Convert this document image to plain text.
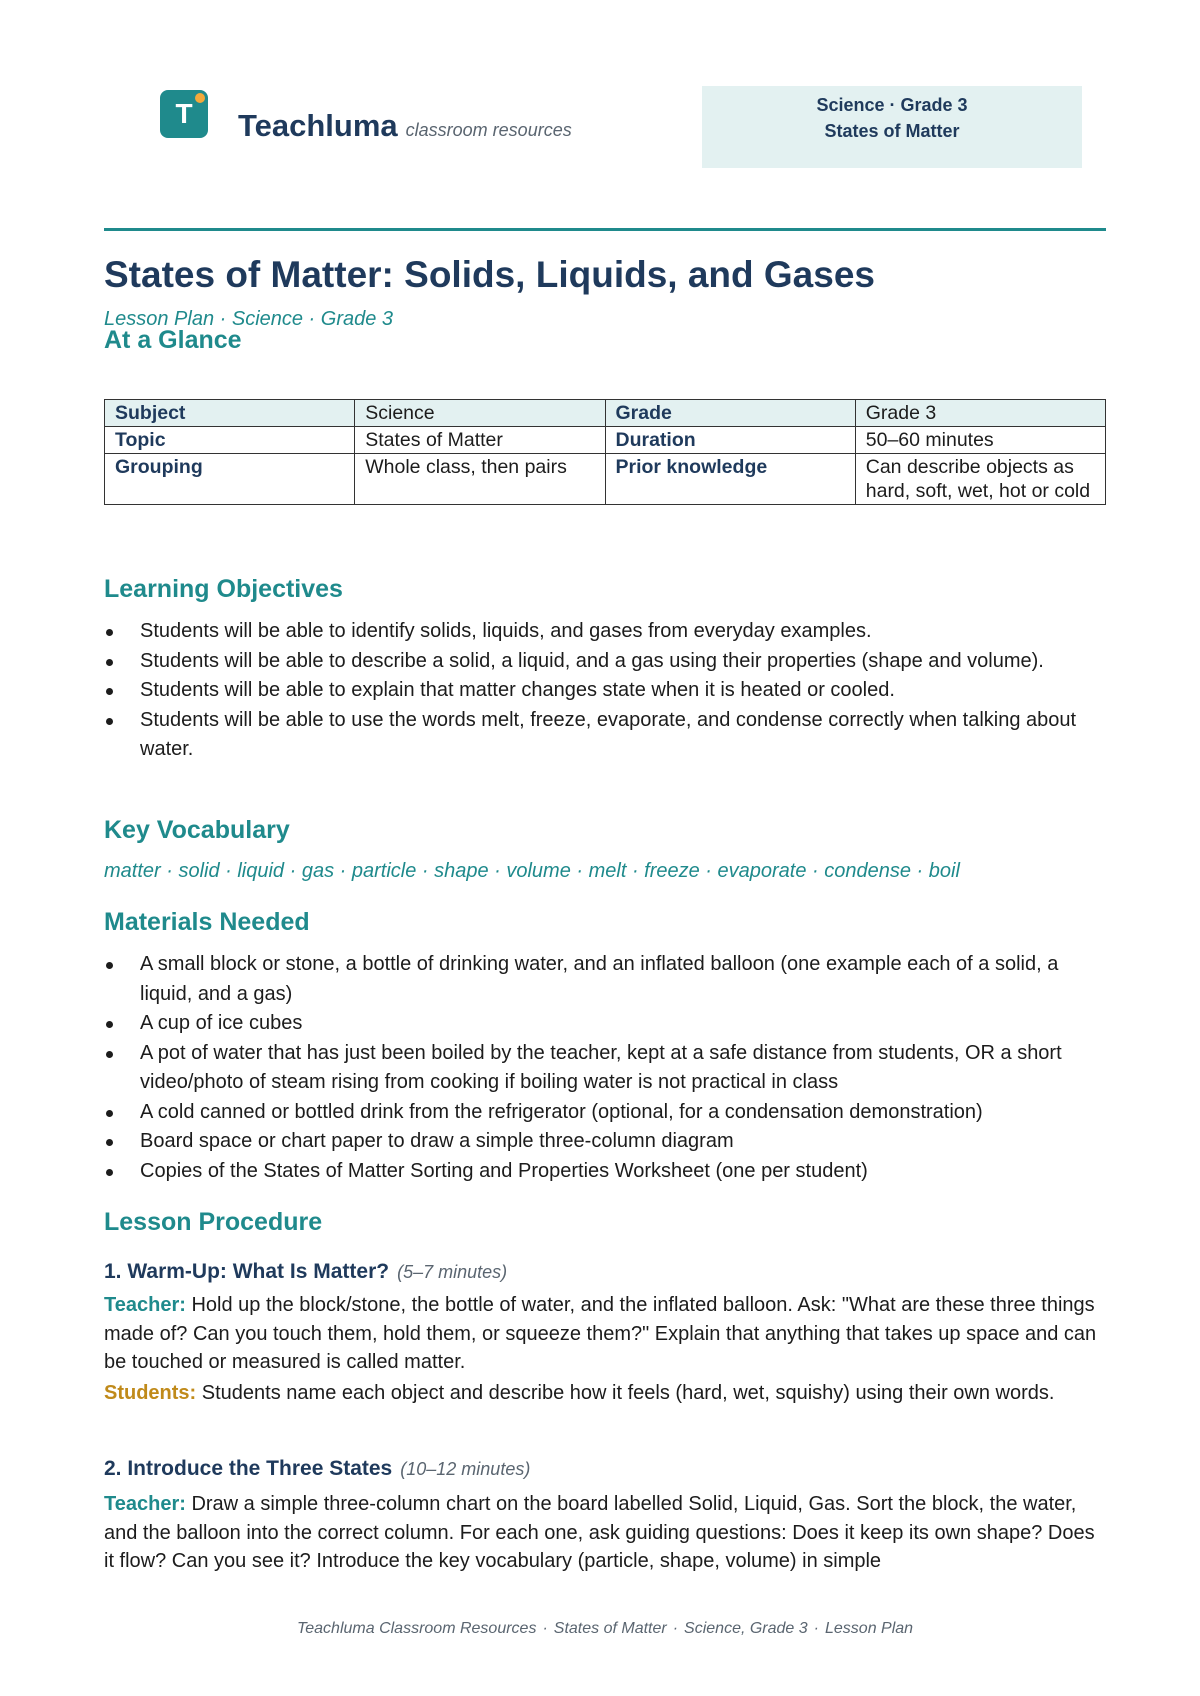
T	Teachluma classroom resources
Science · Grade 3
States of Matter
States of Matter: Solids, Liquids, and Gases
Lesson Plan · Science · Grade 3
At a Glance
Subject	Science	Grade	Grade 3
Topic	States of Matter	Duration	50–60 minutes
Grouping	Whole class, then pairs	Prior knowledge	Can describe objects as hard, soft, wet, hot or cold
Learning Objectives
Students will be able to identify solids, liquids, and gases from everyday examples.
Students will be able to describe a solid, a liquid, and a gas using their properties (shape and volume).
Students will be able to explain that matter changes state when it is heated or cooled.
Students will be able to use the words melt, freeze, evaporate, and condense correctly when talking about water.
Key Vocabulary
matter · solid · liquid · gas · particle · shape · volume · melt · freeze · evaporate · condense · boil
Materials Needed
A small block or stone, a bottle of drinking water, and an inflated balloon (one example each of a solid, a liquid, and a gas)
A cup of ice cubes
A pot of water that has just been boiled by the teacher, kept at a safe distance from students, OR a short video/photo of steam rising from cooking if boiling water is not practical in class
A cold canned or bottled drink from the refrigerator (optional, for a condensation demonstration)
Board space or chart paper to draw a simple three-column diagram
Copies of the States of Matter Sorting and Properties Worksheet (one per student)
Lesson Procedure
1. Warm-Up: What Is Matter? (5–7 minutes)

Teacher: Hold up the block/stone, the bottle of water, and the inflated balloon. Ask: "What are these three things made of? Can you touch them, hold them, or squeeze them?" Explain that anything that takes up space and can be touched or measured is called matter.

Students: Students name each object and describe how it feels (hard, wet, squishy) using their own words.

2. Introduce the Three States (10–12 minutes)

Teacher: Draw a simple three-column chart on the board labelled Solid, Liquid, Gas. Sort the block, the water, and the balloon into the correct column. For each one, ask guiding questions: Does it keep its own shape? Does it flow? Can you see it? Introduce the key vocabulary (particle, shape, volume) in simple

Teachluma Classroom Resources · States of Matter · Science, Grade 3 · Lesson Plan
